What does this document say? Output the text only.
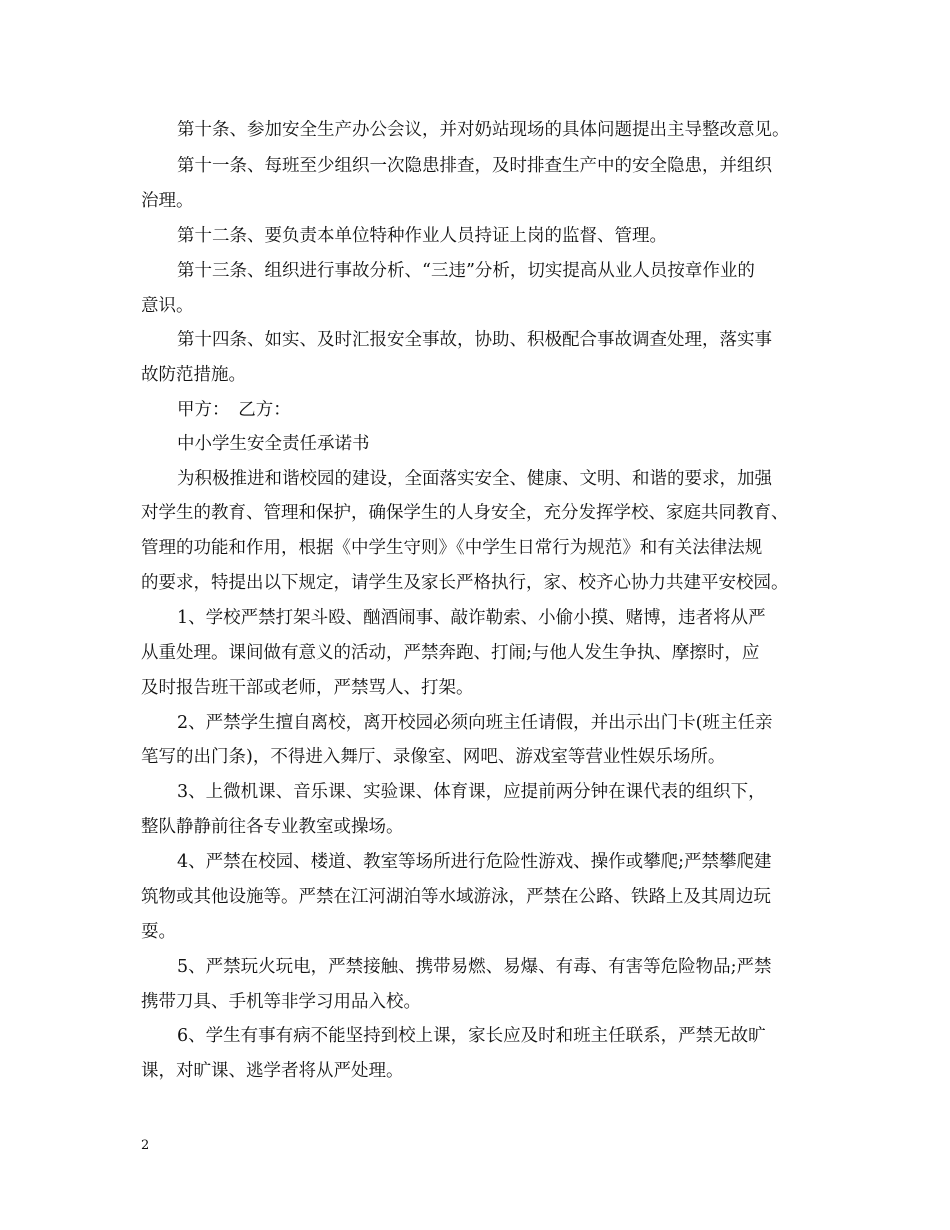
第十条、参加安全生产办公会议，并对奶站现场的具体问题提出主导整改意见。
第十一条、每班至少组织一次隐患排查，及时排查生产中的安全隐患，并组织
治理。
第十二条、要负责本单位特种作业人员持证上岗的监督、管理。
第十三条、组织进行事故分析、“三违”分析，切实提高从业人员按章作业的
意识。
第十四条、如实、及时汇报安全事故，协助、积极配合事故调查处理，落实事
故防范措施。
甲方：　乙方：
中小学生安全责任承诺书
为积极推进和谐校园的建设，全面落实安全、健康、文明、和谐的要求，加强
对学生的教育、管理和保护，确保学生的人身安全，充分发挥学校、家庭共同教育、
管理的功能和作用，根据《中学生守则》《中学生日常行为规范》和有关法律法规
的要求，特提出以下规定，请学生及家长严格执行，家、校齐心协力共建平安校园。
1、学校严禁打架斗殴、酗酒闹事、敲诈勒索、小偷小摸、赌博，违者将从严
从重处理。课间做有意义的活动，严禁奔跑、打闹;与他人发生争执、摩擦时，应
及时报告班干部或老师，严禁骂人、打架。
2、严禁学生擅自离校，离开校园必须向班主任请假，并出示出门卡(班主任亲
笔写的出门条)，不得进入舞厅、录像室、网吧、游戏室等营业性娱乐场所。
3、上微机课、音乐课、实验课、体育课，应提前两分钟在课代表的组织下，
整队静静前往各专业教室或操场。
4、严禁在校园、楼道、教室等场所进行危险性游戏、操作或攀爬;严禁攀爬建
筑物或其他设施等。严禁在江河湖泊等水域游泳，严禁在公路、铁路上及其周边玩
耍。
5、严禁玩火玩电，严禁接触、携带易燃、易爆、有毒、有害等危险物品;严禁
携带刀具、手机等非学习用品入校。
6、学生有事有病不能坚持到校上课，家长应及时和班主任联系，严禁无故旷
课，对旷课、逃学者将从严处理。
2
